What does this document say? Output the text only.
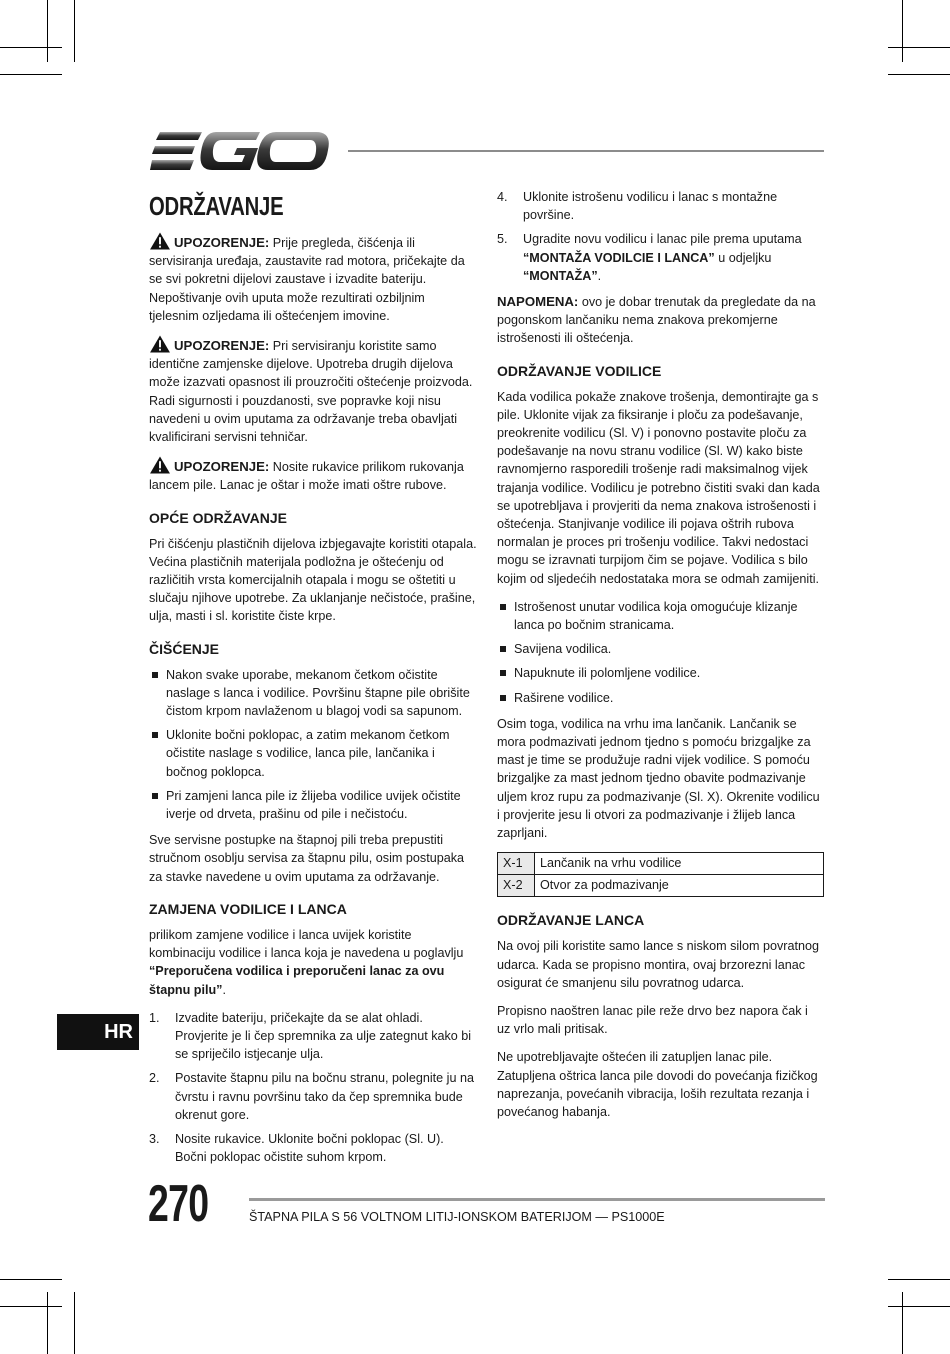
EGO
ODRŽAVANJE

UPOZORENJE: Prije pregleda, čišćenja ili servisiranja uređaja, zaustavite rad motora, pričekajte da se svi pokretni dijelovi zaustave i izvadite bateriju. Nepoštivanje ovih uputa može rezultirati ozbiljnim tjelesnim ozljedama ili oštećenjem imovine.

UPOZORENJE: Pri servisiranju koristite samo identične zamjenske dijelove. Upotreba drugih dijelova može izazvati opasnost ili prouzročiti oštećenje proizvoda. Radi sigurnosti i pouzdanosti, sve popravke koji nisu navedeni u ovim uputama za održavanje treba obavljati kvalificirani servisni tehničar.

UPOZORENJE: Nosite rukavice prilikom rukovanja lancem pile. Lanac je oštar i može imati oštre rubove.

OPĆE ODRŽAVANJE

Pri čišćenju plastičnih dijelova izbjegavajte koristiti otapala. Većina plastičnih materijala podložna je oštećenju od različitih vrsta komercijalnih otapala i mogu se oštetiti u slučaju njihove upotrebe. Za uklanjanje nečistoće, prašine, ulja, masti i sl. koristite čiste krpe.

ČIŠĆENJE
Nakon svake uporabe, mekanom četkom očistite naslage s lanca i vodilice. Površinu štapne pile obrišite čistom krpom navlaženom u blagoj vodi sa sapunom.
Uklonite bočni poklopac, a zatim mekanom četkom očistite naslage s vodilice, lanca pile, lančanika i bočnog poklopca.
Pri zamjeni lanca pile iz žlijeba vodilice uvijek očistite iverje od drveta, prašinu od pile i nečistoću.

Sve servisne postupke na štapnoj pili treba prepustiti stručnom osoblju servisa za štapnu pilu, osim postupaka za stavke navedene u ovim uputama za održavanje.

ZAMJENA VODILICE I LANCA

prilikom zamjene vodilice i lanca uvijek koristite kombinaciju vodilice i lanca koja je navedena u poglavlju “Preporučena vodilica i preporučeni lanac za ovu štapnu pilu”.

1. Izvadite bateriju, pričekajte da se alat ohladi. Provjerite je li čep spremnika za ulje zategnut kako bi se spriječilo istjecanje ulja.
2. Postavite štapnu pilu na bočnu stranu, polegnite ju na čvrstu i ravnu površinu tako da čep spremnika bude okrenut gore.
3. Nosite rukavice. Uklonite bočni poklopac (Sl. U). Bočni poklopac očistite suhom krpom.
4. Uklonite istrošenu vodilicu i lanac s montažne površine.
5. Ugradite novu vodilicu i lanac pile prema uputama “MONTAŽA VODILCIE I LANCA” u odjeljku “MONTAŽA”.

NAPOMENA: ovo je dobar trenutak da pregledate da na pogonskom lančaniku nema znakova prekomjerne istrošenosti ili oštećenja.

ODRŽAVANJE VODILICE

Kada vodilica pokaže znakove trošenja, demontirajte ga s pile. Uklonite vijak za fiksiranje i ploču za podešavanje, preokrenite vodilicu (Sl. V) i ponovno postavite ploču za podešavanje na novu stranu vodilice (Sl. W) kako biste ravnomjerno rasporedili trošenje radi maksimalnog vijek trajanja vodilice. Vodilicu je potrebno čistiti svaki dan kada se upotrebljava i provjeriti da nema znakova istrošenosti i oštećenja. Stanjivanje vodilice ili pojava oštrih rubova normalan je proces pri trošenju vodilice. Takvi nedostaci mogu se izravnati turpijom čim se pojave. Vodilica s bilo kojim od sljedećih nedostataka mora se odmah zamijeniti.

Istrošenost unutar vodilica koja omogućuje klizanje lanca po bočnim stranicama.
Savijena vodilica.
Napuknute ili polomljene vodilice.
Raširene vodilice.

Osim toga, vodilica na vrhu ima lančanik. Lančanik se mora podmazivati jednom tjedno s pomoću brizgaljke za mast je time se produžuje radni vijek vodilice. S pomoću brizgaljke za mast jednom tjedno obavite podmazivanje uljem kroz rupu za podmazivanje (Sl. X). Okrenite vodilicu i provjerite jesu li otvori za podmazivanje i žlijeb lanca zaprljani.

X-1	Lančanik na vrhu vodilice
X-2	Otvor za podmazivanje
ODRŽAVANJE LANCA

Na ovoj pili koristite samo lance s niskom silom povratnog udarca. Kada se propisno montira, ovaj brzorezni lanac osigurat će smanjenu silu povratnog udarca.

Propisno naoštren lanac pile reže drvo bez napora čak i uz vrlo mali pritisak.

Ne upotrebljavajte oštećen ili zatupljen lanac pile. Zatupljena oštrica lanca pile dovodi do povećanja fizičkog naprezanja, povećanih vibracija, loših rezultata rezanja i povećanog habanja.

HR
270	ŠTAPNA PILA S 56 VOLTNOM LITIJ-IONSKOM BATERIJOM — PS1000E
